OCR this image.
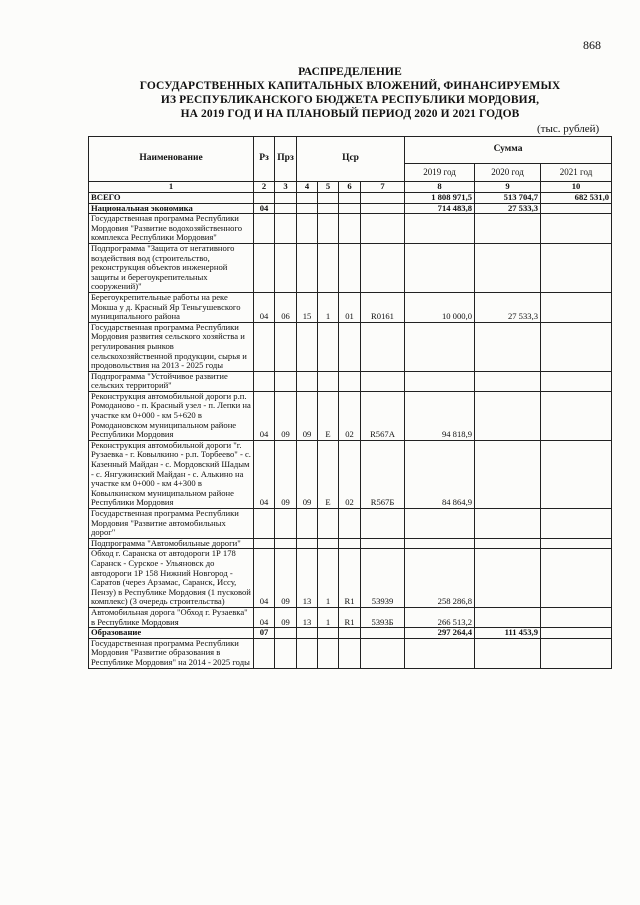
868
РАСПРЕДЕЛЕНИЕ
ГОСУДАРСТВЕННЫХ КАПИТАЛЬНЫХ ВЛОЖЕНИЙ, ФИНАНСИРУЕМЫХ
ИЗ РЕСПУБЛИКАНСКОГО БЮДЖЕТА РЕСПУБЛИКИ МОРДОВИЯ,
НА 2019 ГОД И НА ПЛАНОВЫЙ ПЕРИОД 2020 И 2021 ГОДОВ
(тыс. рублей)
Наименование	Рз	Прз	Цср				Сумма		
							2019 год	2020 год	2021 год
1	2	3	4	5	6	7	8	9	10
ВСЕГО							1 808 971,5	513 704,7	682 531,0
Национальная экономика	04						714 483,8	27 533,3	
Государственная программа Республики Мордовия "Развитие водохозяйственного комплекса Республики Мордовия"									
Подпрограмма "Защита от негативного воздействия вод (строительство, реконструкция объектов инженерной защиты и берегоукрепительных сооружений)"									
Берегоукрепительные работы на реке Мокша у д. Красный Яр Теньгушевского муниципального района	04	06	15	1	01	R0161	10 000,0	27 533,3	
Государственная программа Республики Мордовия развития сельского хозяйства и регулирования рынков сельскохозяйственной продукции, сырья и продовольствия на 2013 - 2025 годы									
Подпрограмма "Устойчивое развитие сельских территорий"									
Реконструкция автомобильной дороги р.п. Ромоданово - п. Красный узел - п. Лепки на участке км 0+000 - км 5+620 в Ромодановском муниципальном районе Республики Мордовия	04	09	09	Е	02	R567А	94 818,9		
Реконструкция автомобильной дороги "г. Рузаевка - г. Ковылкино - р.п. Торбеево" - с. Казенный Майдан - с. Мордовский Шадым - с. Янгужинский Майдан - с. Алькино на участке км 0+000 - км 4+300 в Ковылкинском муниципальном районе Республики Мордовия	04	09	09	Е	02	R567Б	84 864,9		
Государственная программа Республики Мордовия "Развитие автомобильных дорог"									
Подпрограмма "Автомобильные дороги"									
Обход г. Саранска от автодороги 1Р 178 Саранск - Сурское - Ульяновск до автодороги 1Р 158 Нижний Новгород - Саратов (через Арзамас, Саранск, Иссу, Пензу) в Республике Мордовия (1 пусковой комплекс) (3 очередь строительства)	04	09	13	1	R1	53939	258 286,8		
Автомобильная дорога "Обход г. Рузаевка" в Республике Мордовия	04	09	13	1	R1	5393Б	266 513,2		
Образование	07						297 264,4	111 453,9	
Государственная программа Республики Мордовия "Развитие образования в Республике Мордовия" на 2014 - 2025 годы									
